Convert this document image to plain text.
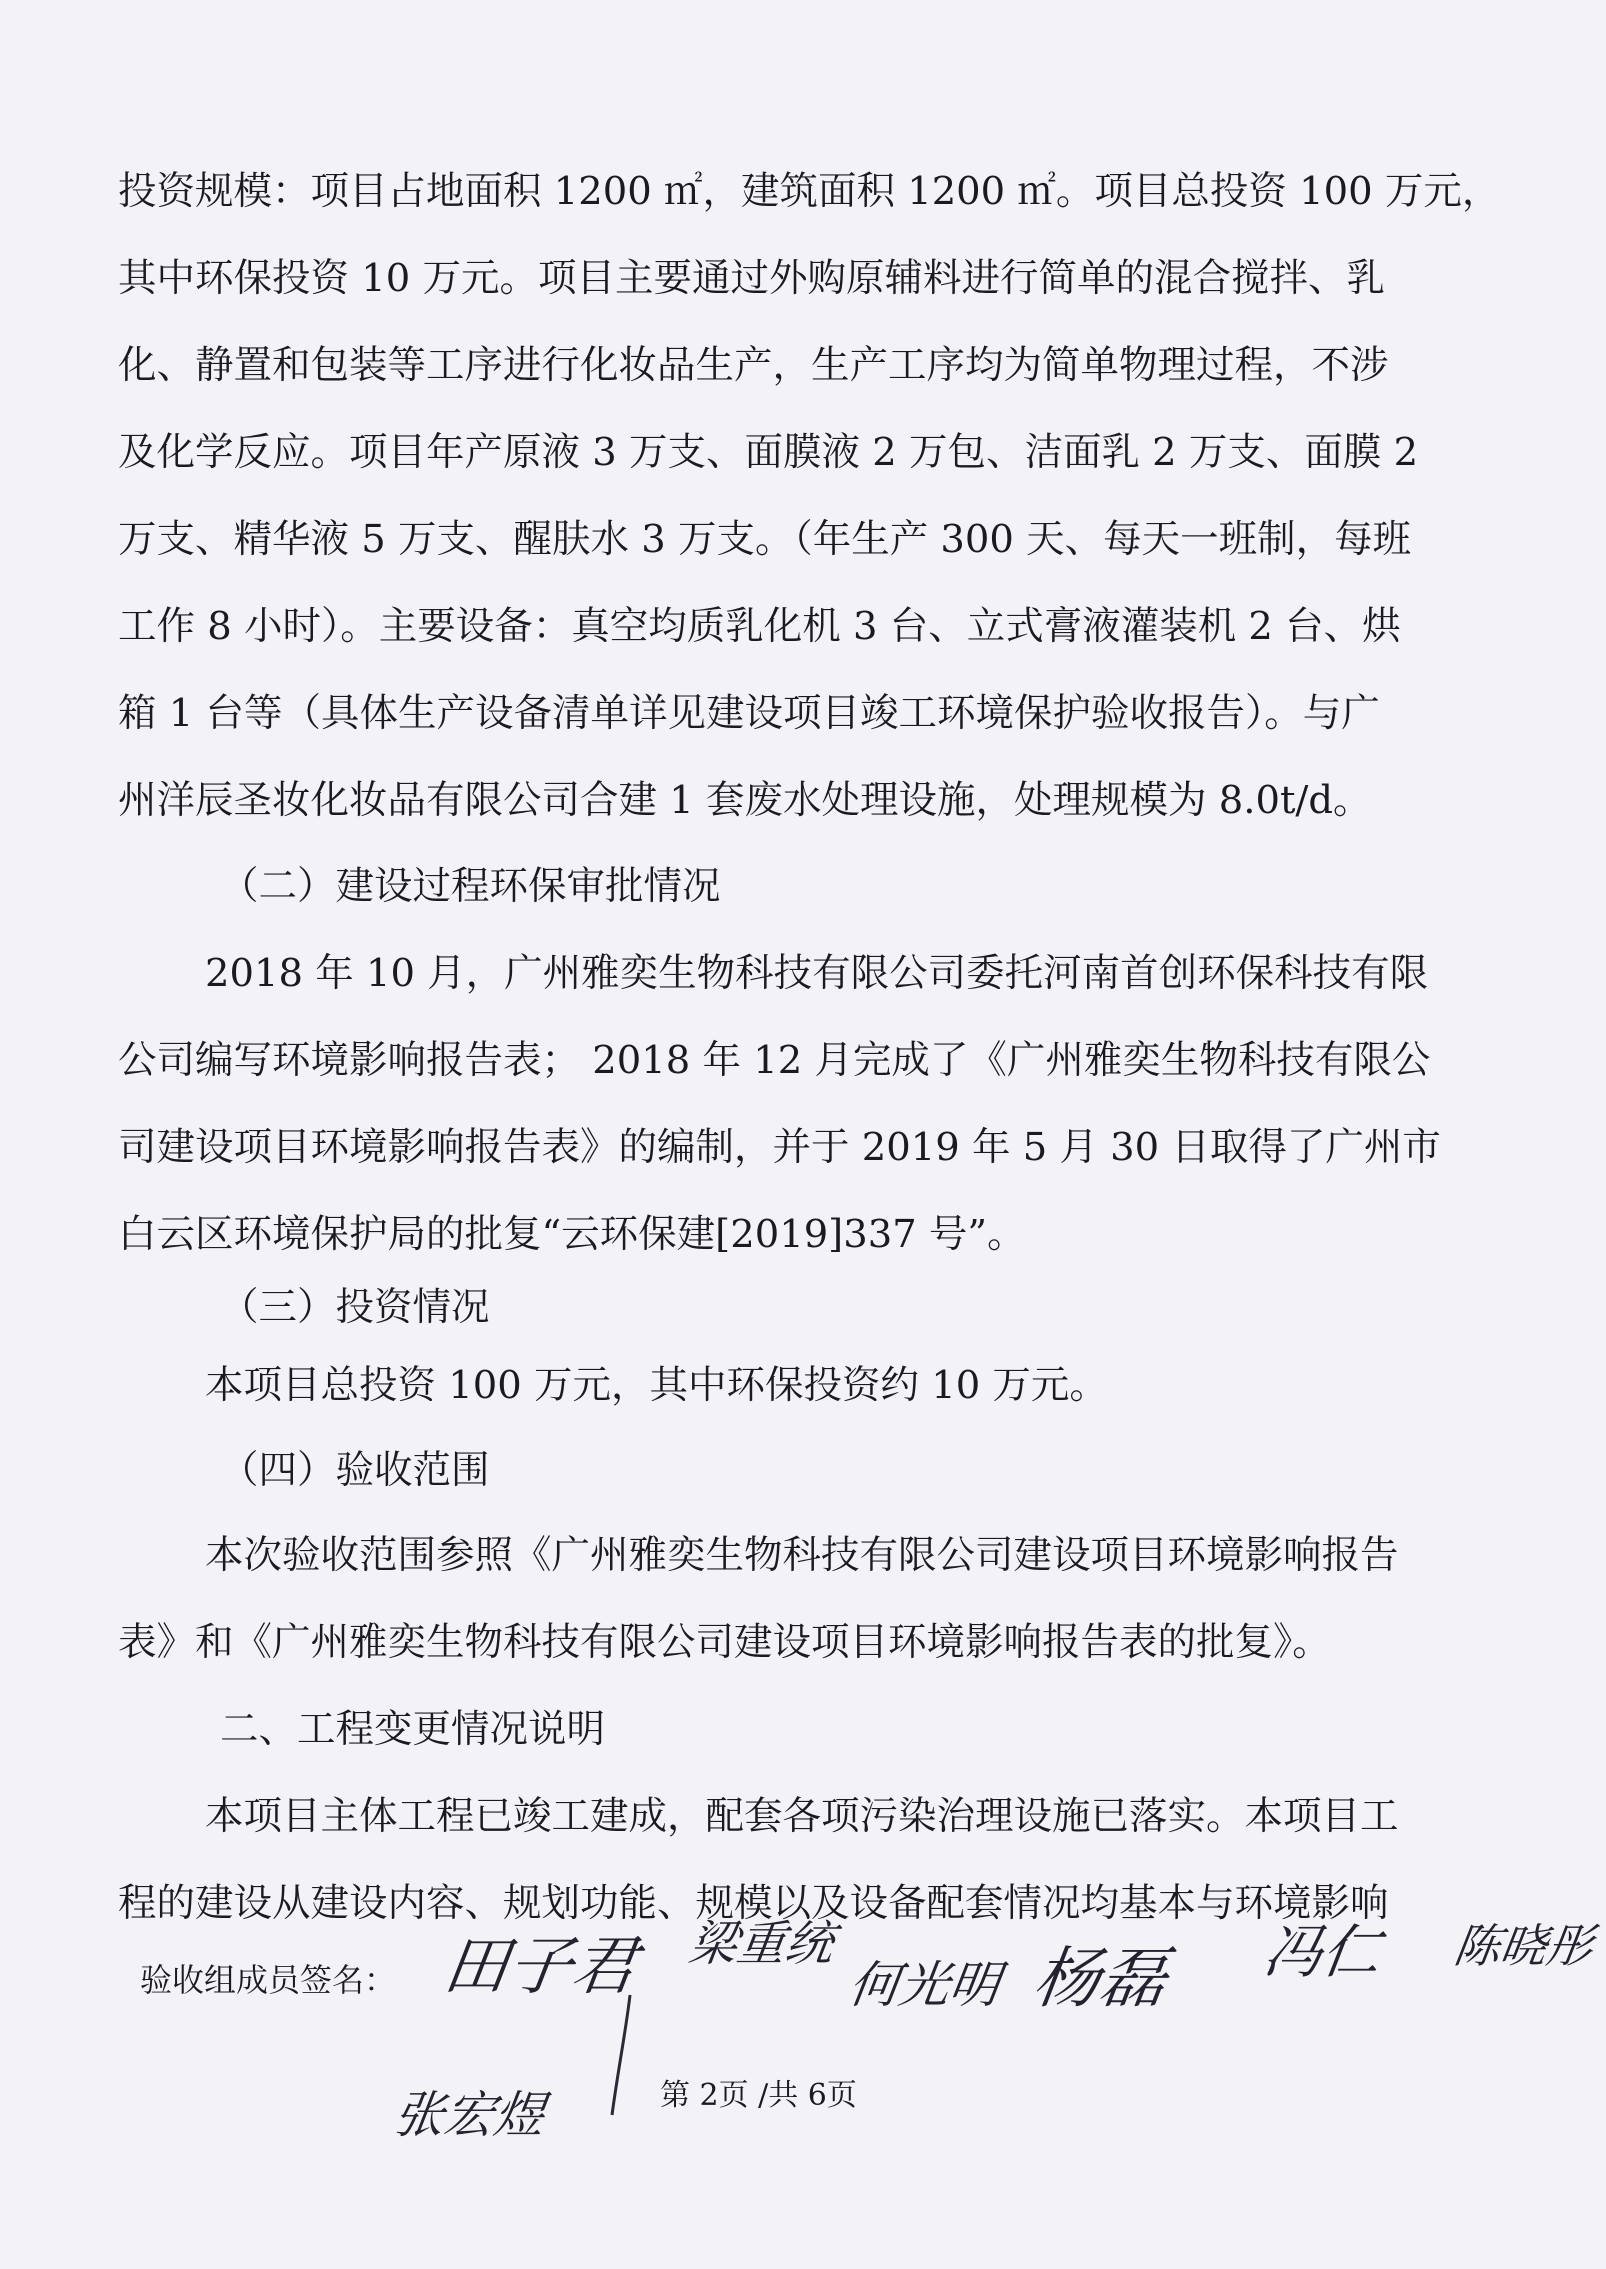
投资规模：项目占地面积 1200 ㎡，建筑面积 1200 ㎡。项目总投资 100 万元，
其中环保投资 10 万元。项目主要通过外购原辅料进行简单的混合搅拌、乳
化、静置和包装等工序进行化妆品生产，生产工序均为简单物理过程，不涉
及化学反应。项目年产原液 3 万支、面膜液 2 万包、洁面乳 2 万支、面膜 2
万支、精华液 5 万支、醒肤水 3 万支。（年生产 300 天、每天一班制，每班
工作 8 小时）。主要设备：真空均质乳化机 3 台、立式膏液灌装机 2 台、烘
箱 1 台等（具体生产设备清单详见建设项目竣工环境保护验收报告）。与广
州洋辰圣妆化妆品有限公司合建 1 套废水处理设施，处理规模为 8.0t/d。
（二）建设过程环保审批情况
2018 年 10 月，广州雅奕生物科技有限公司委托河南首创环保科技有限
公司编写环境影响报告表； 2018 年 12 月完成了《广州雅奕生物科技有限公
司建设项目环境影响报告表》的编制，并于 2019 年 5 月 30 日取得了广州市
白云区环境保护局的批复“云环保建[2019]337 号”。
（三）投资情况
本项目总投资 100 万元，其中环保投资约 10 万元。
（四）验收范围
本次验收范围参照《广州雅奕生物科技有限公司建设项目环境影响报告
表》和《广州雅奕生物科技有限公司建设项目环境影响报告表的批复》。
二、工程变更情况说明
本项目主体工程已竣工建成，配套各项污染治理设施已落实。本项目工
程的建设从建设内容、规划功能、规模以及设备配套情况均基本与环境影响
验收组成员签名： 田子君 梁重统
何光明 杨磊 冯仁 陈晓彤
张宏煜	第 2页 /共 6页
